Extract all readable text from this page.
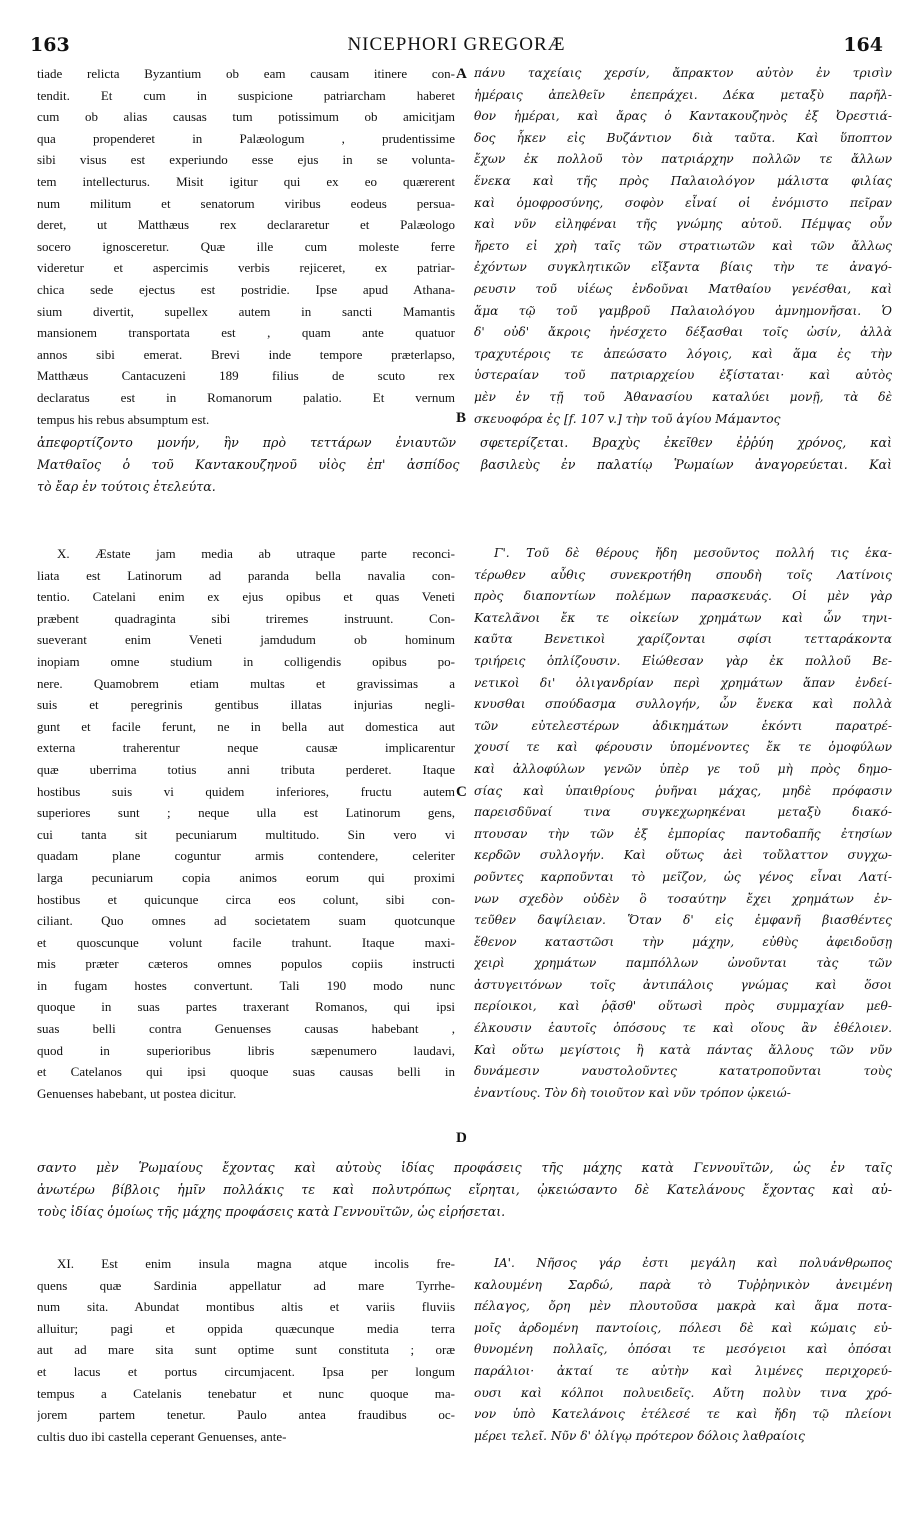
163	NICEPHORI GREGORÆ	164
tiade relicta Byzantium ob eam causam itinere con-
tendit. Et cum in suspicione patriarcham haberet
cum ob alias causas tum potissimum ob amicitjam
qua propenderet in Palæologum , prudentissime
sibi visus est experiundo esse ejus in se volunta-
tem intellecturus. Misit igitur qui ex eo quærerent
num militum et senatorum viribus eodeus persua-
deret, ut Matthæus rex declararetur et Palæologo
socero ignosceretur. Quæ ille cum moleste ferre
videretur et aspercimis verbis rejiceret, ex patriar-
chica sede ejectus est postridie. Ipse apud Athana-
sium divertit, supellex autem in sancti Mamantis
mansionem transportata est , quam ante quatuor
annos sibi emerat. Brevi inde tempore præterlapso,
Matthæus Cantacuzeni 189 filius de scuto rex
declaratus est in Romanorum palatio. Et vernum
tempus his rebus absumptum est.
πάνυ ταχείαις χερσίν, ἄπρακτον αὐτὸν ἐν τρισὶν
ἡμέραις ἀπελθεῖν ἐπεπράχει. Δέκα μεταξὺ παρῆλ-
θον ἡμέραι, καὶ ἄρας ὁ Καντακουζηνὸς ἐξ Ὀρεστιά-
δος ἧκεν εἰς Βυζάντιον διὰ ταῦτα. Καὶ ὕποπτον
ἔχων ἐκ πολλοῦ τὸν πατριάρχην πολλῶν τε ἄλλων
ἕνεκα καὶ τῆς πρὸς Παλαιολόγον μάλιστα φιλίας
καὶ ὁμοφροσύνης, σοφὸν εἶναί οἱ ἐνόμιστο πεῖραν
καὶ νῦν εἰληφέναι τῆς γνώμης αὐτοῦ. Πέμψας οὖν
ἤρετο εἰ χρὴ ταῖς τῶν στρατιωτῶν καὶ τῶν ἄλλως
ἐχόντων συγκλητικῶν εἴξαντα βίαις τὴν τε ἀναγό-
ρευσιν τοῦ υἱέως ἐνδοῦναι Ματθαίου γενέσθαι, καὶ
ἅμα τῷ τοῦ γαμβροῦ Παλαιολόγου ἀμνημονῆσαι. Ὁ
δ' οὐδ' ἄκροις ἠνέσχετο δέξασθαι τοῖς ὠσίν, ἀλλὰ
τραχυτέροις τε ἀπεώσατο λόγοις, καὶ ἅμα ἐς τὴν
ὑστεραίαν τοῦ πατριαρχείου ἐξίσταται· καὶ αὐτὸς
μὲν ἐν τῇ τοῦ Ἀθανασίου καταλύει μονῇ, τὰ δὲ
σκευοφόρα ἐς [f. 107 v.] τὴν τοῦ ἁγίου Μάμαντος
A
B
ἀπεφορτίζοντο μονήν, ἣν πρὸ τεττάρων ἐνιαυτῶν σφετερίζεται. Βραχὺς ἐκεῖθεν ἐῤῥύη χρόνος, καὶ
Ματθαῖος ὁ τοῦ Καντακουζηνοῦ υἱὸς ἐπ' ἀσπίδος βασιλεὺς ἐν παλατίῳ Ῥωμαίων ἀναγορεύεται. Καὶ
τὸ ἔαρ ἐν τούτοις ἐτελεύτα.
X. Æstate jam media ab utraque parte reconci-
liata est Latinorum ad paranda bella navalia con-
tentio. Catelani enim ex ejus opibus et quas Veneti
præbent quadraginta sibi triremes instruunt. Con-
sueverant enim Veneti jamdudum ob hominum
inopiam omne studium in colligendis opibus po-
nere. Quamobrem etiam multas et gravissimas a
suis et peregrinis gentibus illatas injurias negli-
gunt et facile ferunt, ne in bella aut domestica aut
externa traherentur neque causæ implicarentur
quæ uberrima totius anni tributa perderet. Itaque
hostibus suis vi quidem inferiores, fructu autem
superiores sunt ; neque ulla est Latinorum gens,
cui tanta sit pecuniarum multitudo. Sin vero vi
quadam plane coguntur armis contendere, celeriter
larga pecuniarum copia animos eorum qui proximi
hostibus et quicunque circa eos colunt, sibi con-
ciliant. Quo omnes ad societatem suam quotcunque
et quoscunque volunt facile trahunt. Itaque maxi-
mis præter cæteros omnes populos copiis instructi
in fugam hostes convertunt. Tali 190 modo nunc
quoque in suas partes traxerant Romanos, qui ipsi
suas belli contra Genuenses causas habebant ,
quod in superioribus libris sæpenumero laudavi,
et Catelanos qui ipsi quoque suas causas belli in
Genuenses habebant, ut postea dicitur.
Γ'. Τοῦ δὲ θέρους ἤδη μεσοῦντος πολλή τις ἑκα-
τέρωθεν αὖθις συνεκροτήθη σπουδὴ τοῖς Λατίνοις
πρὸς διαποντίων πολέμων παρασκευάς. Οἱ μὲν γὰρ
Κατελᾶνοι ἔκ τε οἰκείων χρημάτων καὶ ὧν τηνι-
καῦτα Βενετικοὶ χαρίζονται σφίσι τετταράκοντα
τριήρεις ὁπλίζουσιν. Εἰώθεσαν γὰρ ἐκ πολλοῦ Βε-
νετικοὶ δι' ὀλιγανδρίαν περὶ χρημάτων ἅπαν ἐνδεί-
κνυσθαι σπούδασμα συλλογήν, ὧν ἕνεκα καὶ πολλὰ
τῶν εὐτελεστέρων ἀδικημάτων ἑκόντι παρατρέ-
χουσί τε καὶ φέρουσιν ὑπομένοντες ἔκ τε ὁμοφύλων
καὶ ἀλλοφύλων γενῶν ὑπὲρ γε τοῦ μὴ πρὸς δημο-
σίας καὶ ὑπαιθρίους ῥυῆναι μάχας, μηδὲ πρόφασιν
παρεισδῦναί τινα συγκεχωρηκέναι μεταξὺ διακό-
πτουσαν τὴν τῶν ἐξ ἐμπορίας παντοδαπῆς ἐτησίων
κερδῶν συλλογήν. Καὶ οὕτως ἀεὶ τοὔλαττον συγχω-
ροῦντες καρποῦνται τὸ μεῖζον, ὡς γένος εἶναι Λατί-
νων σχεδὸν οὐδὲν ὃ τοσαύτην ἔχει χρημάτων ἐν-
τεῦθεν δαψίλειαν. Ὅταν δ' εἰς ἐμφανῆ βιασθέντες
ἔθενον καταστῶσι τὴν μάχην, εὐθὺς ἀφειδοῦσῃ
χειρὶ χρημάτων παμπόλλων ὠνοῦνται τὰς τῶν
ἀστυγειτόνων τοῖς ἀντιπάλοις γνώμας καὶ ὅσοι
περίοικοι, καὶ ῥᾷσθ' οὕτωσὶ πρὸς συμμαχίαν μεθ-
έλκουσιν ἑαυτοῖς ὁπόσους τε καὶ οἵους ἂν ἐθέλοιεν.
Καὶ οὕτω μεγίστοις ἢ κατὰ πάντας ἄλλους τῶν νῦν
δυνάμεσιν ναυστολοῦντες κατατροποῦνται τοὺς
ἐναντίους. Τὸν δὴ τοιοῦτον καὶ νῦν τρόπον ᾠκειώ-
C
D
σαντο μὲν Ῥωμαίους ἔχοντας καὶ αὐτοὺς ἰδίας προφάσεις τῆς μάχης κατὰ Γεννουϊτῶν, ὡς ἐν ταῖς
ἀνωτέρω βίβλοις ἡμῖν πολλάκις τε καὶ πολυτρόπως εἴρηται, ᾠκειώσαντο δὲ Κατελάνους ἔχοντας καὶ αὐ-
τοὺς ἰδίας ὁμοίως τῆς μάχης προφάσεις κατὰ Γεννουϊτῶν, ὡς εἰρήσεται.
XI. Est enim insula magna atque incolis fre-
quens quæ Sardinia appellatur ad mare Tyrrhe-
num sita. Abundat montibus altis et variis fluviis
alluitur; pagi et oppida quæcunque media terra
aut ad mare sita sunt optime sunt constituta ; oræ
et lacus et portus circumjacent. Ipsa per longum
tempus a Catelanis tenebatur et nunc quoque ma-
jorem partem tenetur. Paulo antea fraudibus oc-
cultis duo ibi castella ceperant Genuenses, ante-
ΙΑ'. Νῆσος γάρ ἐστι μεγάλη καὶ πολυάνθρωπος
καλουμένη Σαρδώ, παρὰ τὸ Τυῤῥηνικὸν ἀνειμένη
πέλαγος, ὄρη μὲν πλουτοῦσα μακρὰ καὶ ἅμα ποτα-
μοῖς ἀρδομένη παντοίοις, πόλεσι δὲ καὶ κώμαις εὐ-
θυνομένη πολλαῖς, ὁπόσαι τε μεσόγειοι καὶ ὁπόσαι
παράλιοι· ἀκταί τε αὐτὴν καὶ λιμένες περιχορεύ-
ουσι καὶ κόλποι πολυειδεῖς. Αὕτη πολὺν τινα χρό-
νον ὑπὸ Κατελάνοις ἐτέλεσέ τε καὶ ἤδη τῷ πλείονι
μέρει τελεῖ. Νῦν δ' ὀλίγῳ πρότερον δόλοις λαθραίοις
